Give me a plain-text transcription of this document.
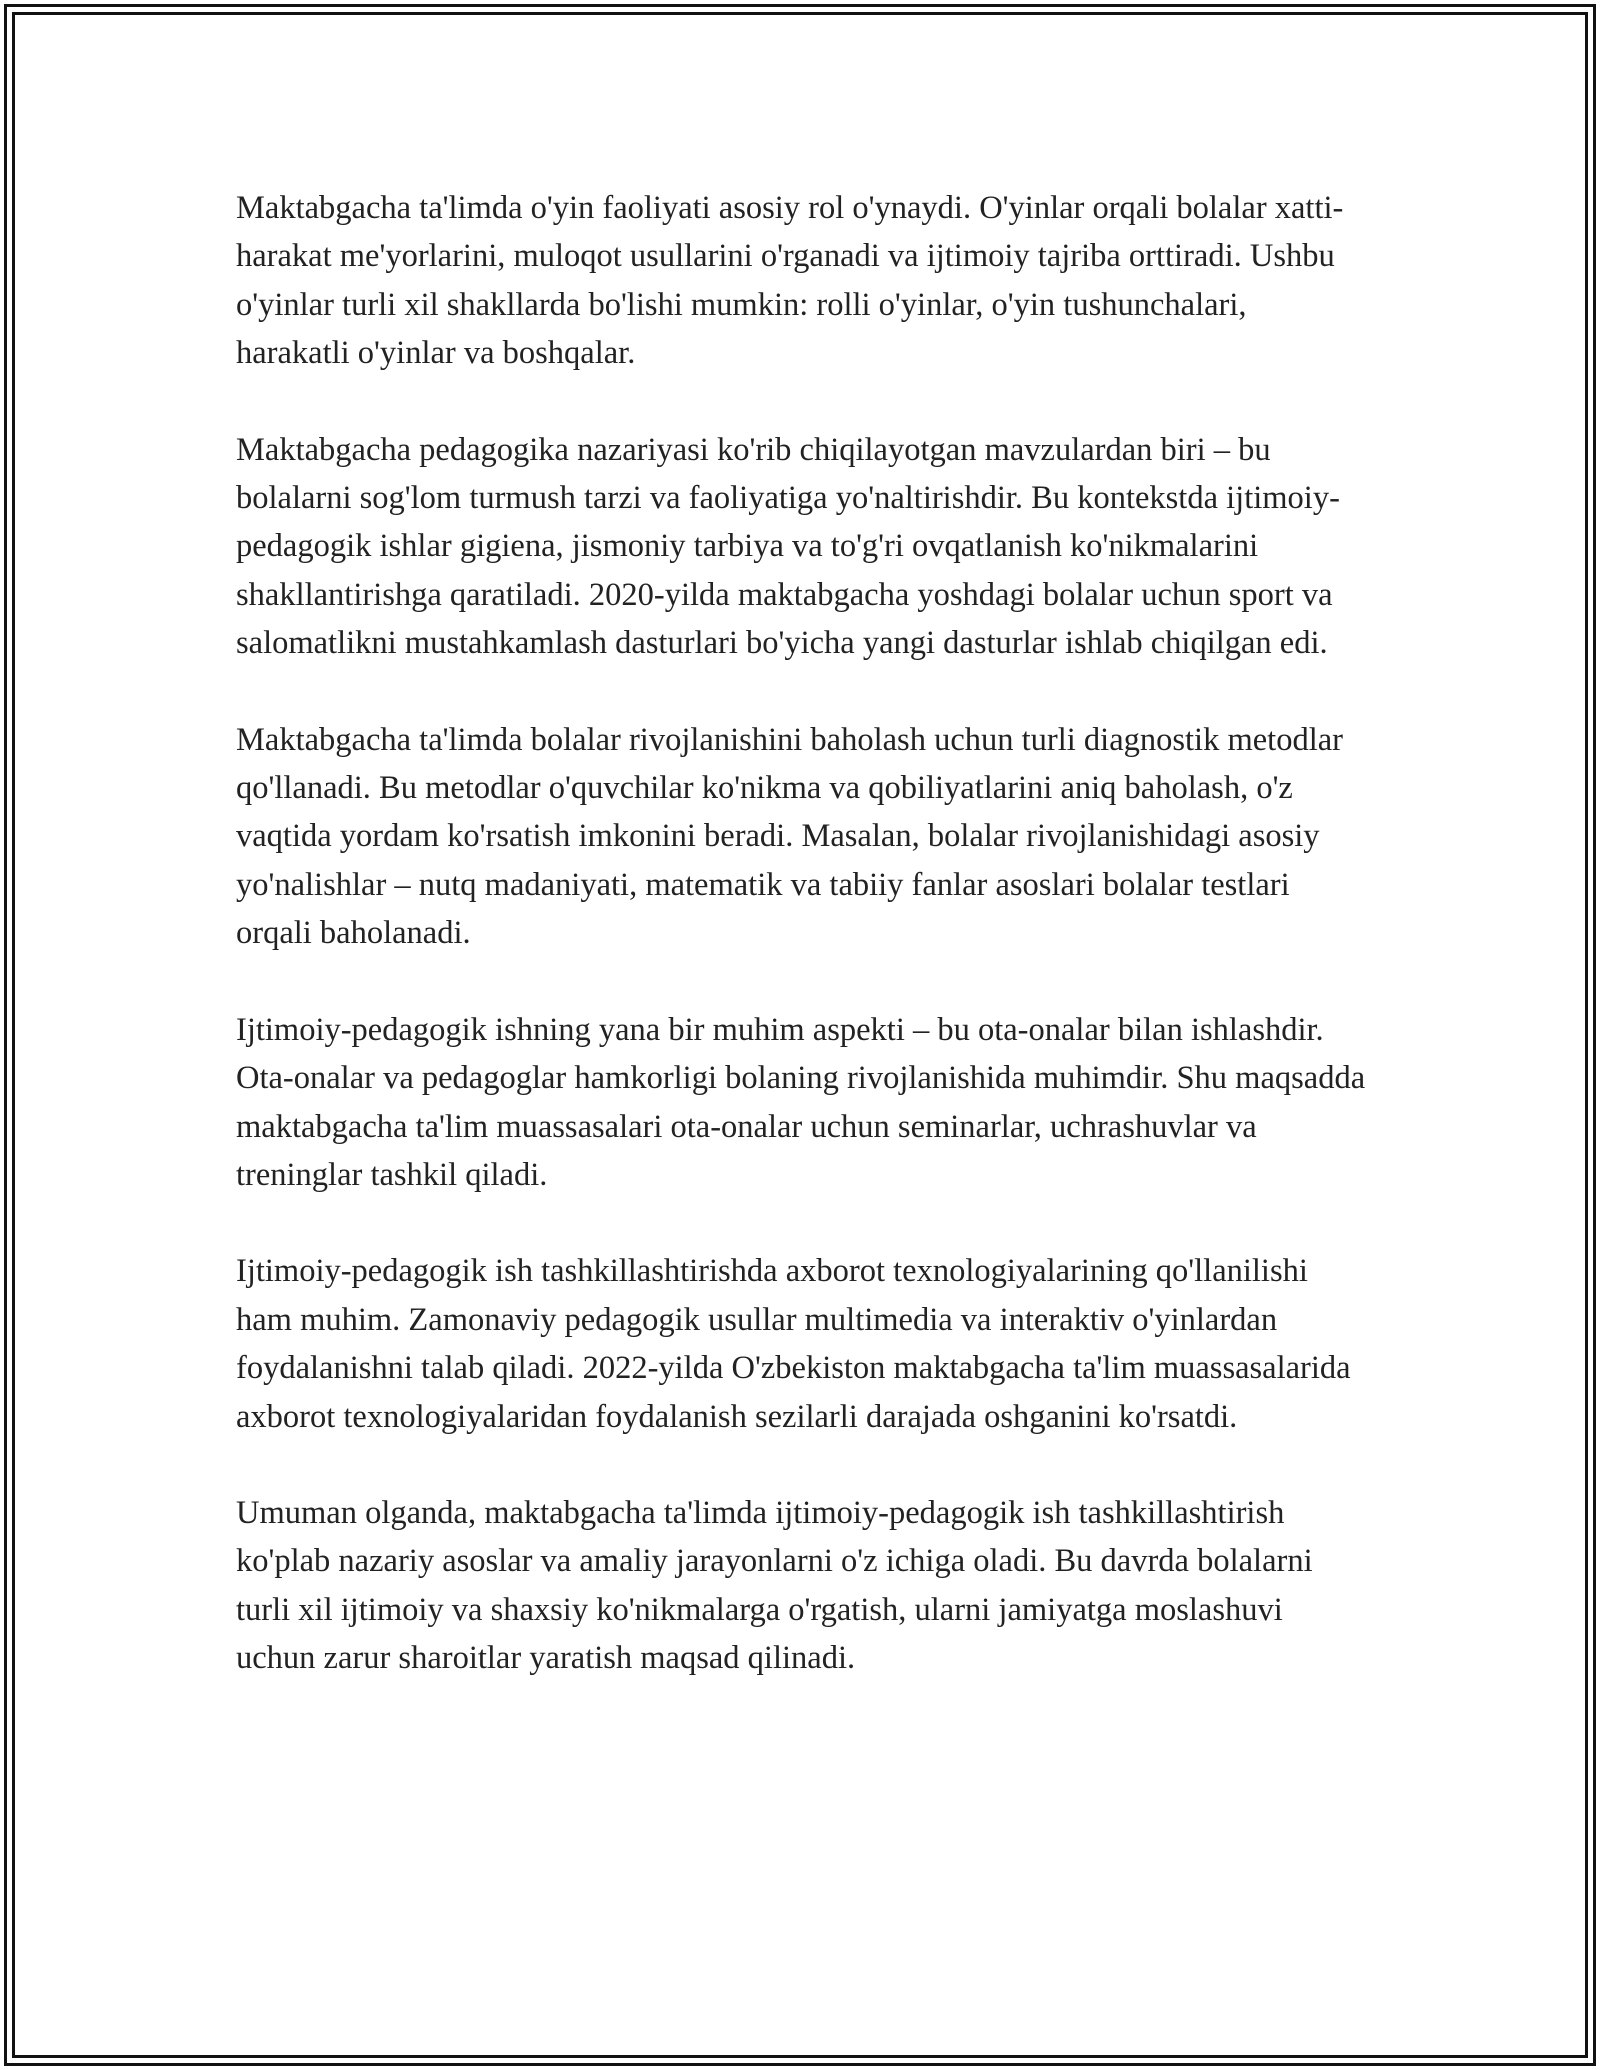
Maktabgacha ta'limda o'yin faoliyati asosiy rol o'ynaydi. O'yinlar orqali bolalar xatti-harakat me'yorlarini, muloqot usullarini o'rganadi va ijtimoiy tajriba orttiradi. Ushbu o'yinlar turli xil shakllarda bo'lishi mumkin: rolli o'yinlar, o'yin tushunchalari, harakatli o'yinlar va boshqalar.

Maktabgacha pedagogika nazariyasi ko'rib chiqilayotgan mavzulardan biri – bu bolalarni sog'lom turmush tarzi va faoliyatiga yo'naltirishdir. Bu kontekstda ijtimoiy-pedagogik ishlar gigiena, jismoniy tarbiya va to'g'ri ovqatlanish ko'nikmalarini shakllantirishga qaratiladi. 2020-yilda maktabgacha yoshdagi bolalar uchun sport va salomatlikni mustahkamlash dasturlari bo'yicha yangi dasturlar ishlab chiqilgan edi.

Maktabgacha ta'limda bolalar rivojlanishini baholash uchun turli diagnostik metodlar qo'llanadi. Bu metodlar o'quvchilar ko'nikma va qobiliyatlarini aniq baholash, o'z vaqtida yordam ko'rsatish imkonini beradi. Masalan, bolalar rivojlanishidagi asosiy yo'nalishlar – nutq madaniyati, matematik va tabiiy fanlar asoslari bolalar testlari orqali baholanadi.

Ijtimoiy-pedagogik ishning yana bir muhim aspekti – bu ota-onalar bilan ishlashdir. Ota-onalar va pedagoglar hamkorligi bolaning rivojlanishida muhimdir. Shu maqsadda maktabgacha ta'lim muassasalari ota-onalar uchun seminarlar, uchrashuvlar va treninglar tashkil qiladi.

Ijtimoiy-pedagogik ish tashkillashtirishda axborot texnologiyalarining qo'llanilishi ham muhim. Zamonaviy pedagogik usullar multimedia va interaktiv o'yinlardan foydalanishni talab qiladi. 2022-yilda O'zbekiston maktabgacha ta'lim muassasalarida axborot texnologiyalaridan foydalanish sezilarli darajada oshganini ko'rsatdi.

Umuman olganda, maktabgacha ta'limda ijtimoiy-pedagogik ish tashkillashtirish ko'plab nazariy asoslar va amaliy jarayonlarni o'z ichiga oladi. Bu davrda bolalarni turli xil ijtimoiy va shaxsiy ko'nikmalarga o'rgatish, ularni jamiyatga moslashuvi uchun zarur sharoitlar yaratish maqsad qilinadi.
